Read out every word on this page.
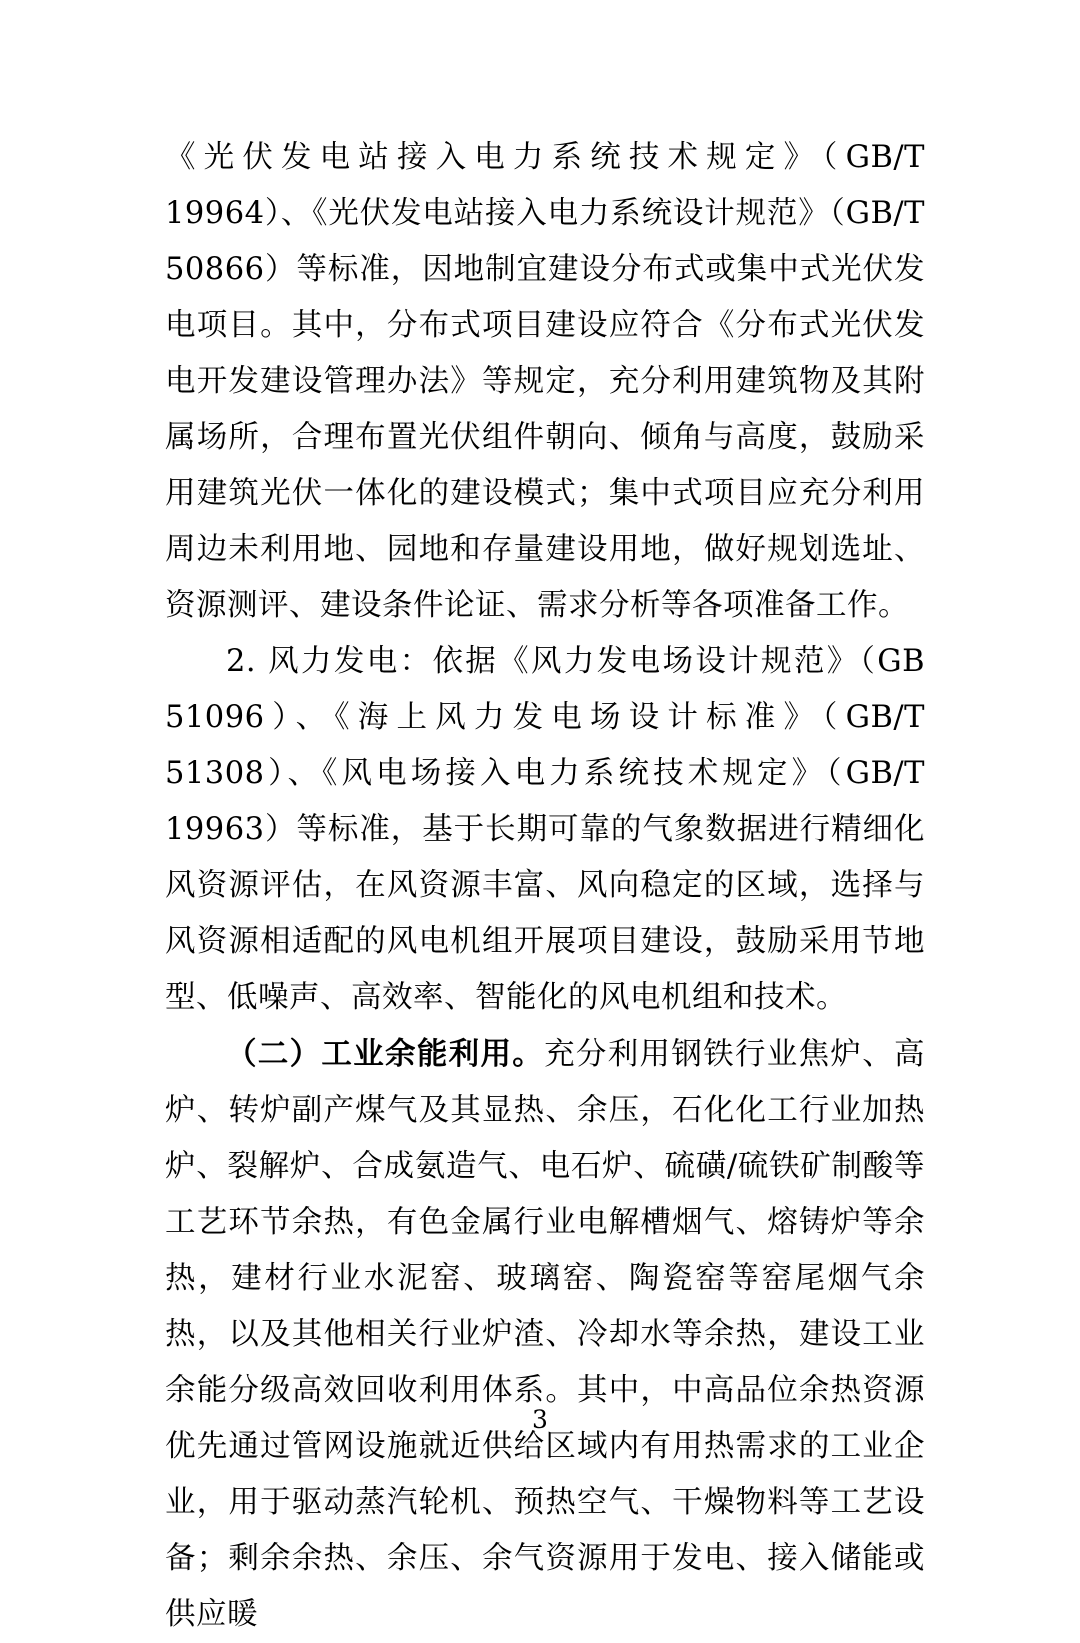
《光伏发电站接入电力系统技术规定》（GB/T 19964）、《光伏发电站接入电力系统设计规范》（GB/T 50866）等标准，因地制宜建设分布式或集中式光伏发电项目。其中，分布式项目建设应符合《分布式光伏发电开发建设管理办法》等规定，充分利用建筑物及其附属场所，合理布置光伏组件朝向、倾角与高度，鼓励采用建筑光伏一体化的建设模式；集中式项目应充分利用周边未利用地、园地和存量建设用地，做好规划选址、资源测评、建设条件论证、需求分析等各项准备工作。

2. 风力发电：依据《风力发电场设计规范》（GB 51096）、《海上风力发电场设计标准》（GB/T 51308）、《风电场接入电力系统技术规定》（GB/T 19963）等标准，基于长期可靠的气象数据进行精细化风资源评估，在风资源丰富、风向稳定的区域，选择与风资源相适配的风电机组开展项目建设，鼓励采用节地型、低噪声、高效率、智能化的风电机组和技术。

（二）工业余能利用。充分利用钢铁行业焦炉、高炉、转炉副产煤气及其显热、余压，石化化工行业加热炉、裂解炉、合成氨造气、电石炉、硫磺/硫铁矿制酸等工艺环节余热，有色金属行业电解槽烟气、熔铸炉等余热，建材行业水泥窑、玻璃窑、陶瓷窑等窑尾烟气余热，以及其他相关行业炉渣、冷却水等余热，建设工业余能分级高效回收利用体系。其中，中高品位余热资源优先通过管网设施就近供给区域内有用热需求的工业企业，用于驱动蒸汽轮机、预热空气、干燥物料等工艺设备；剩余余热、余压、余气资源用于发电、接入储能或供应暖

3
